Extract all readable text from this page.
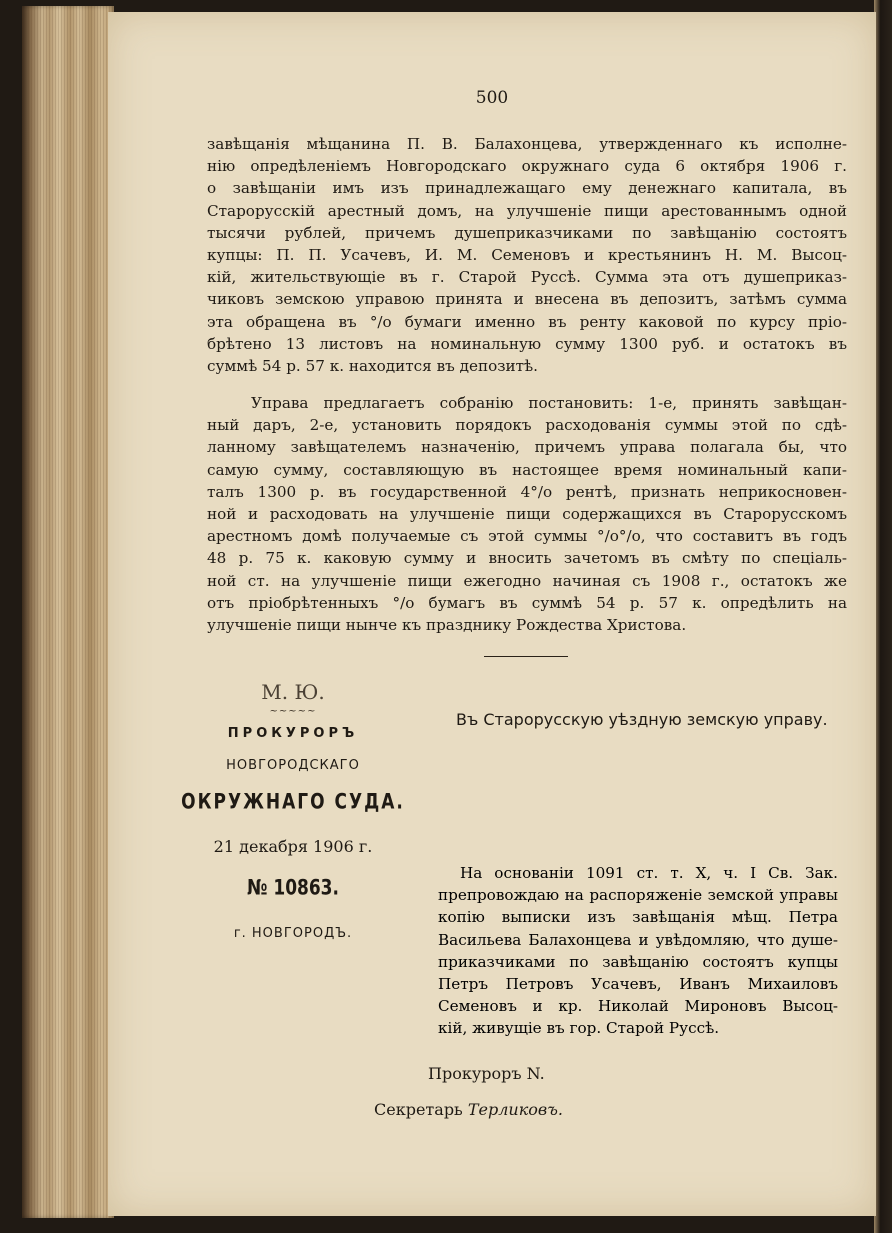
500
завѣщанія мѣщанина П. В. Балахонцева, утвержденнаго къ исполне-
нію опредѣленіемъ Новгородскаго окружнаго суда 6 октября 1906 г.
о завѣщаніи имъ изъ принадлежащаго ему денежнаго капитала, въ
Старорусскій арестный домъ, на улучшеніе пищи арестованнымъ одной
тысячи рублей, причемъ душеприказчиками по завѣщанію состоятъ
купцы: П. П. Усачевъ, И. М. Семеновъ и крестьянинъ Н. М. Высоц-
кій, жительствующіе въ г. Старой Руссѣ. Сумма эта отъ душеприказ-
чиковъ земскою управою принята и внесена въ депозитъ, затѣмъ сумма
эта обращена въ °/о бумаги именно въ ренту каковой по курсу пріо-
брѣтено 13 листовъ на номинальную сумму 1300 руб. и остатокъ въ
суммѣ 54 р. 57 к. находится въ депозитѣ.
Управа предлагаетъ собранію постановить: 1-е, принять завѣщан-
ный даръ, 2-е, установить порядокъ расходованія суммы этой по сдѣ-
ланному завѣщателемъ назначенію, причемъ управа полагала бы, что
самую сумму, составляющую въ настоящее время номинальный капи-
талъ 1300 р. въ государственной 4°/о рентѣ, признать неприкосновен-
ной и расходовать на улучшеніе пищи содержащихся въ Старорусскомъ
арестномъ домѣ получаемые съ этой суммы °/о°/о, что составитъ въ годъ
48 р. 75 к. каковую сумму и вносить зачетомъ въ смѣту по спеціаль-
ной ст. на улучшеніе пищи ежегодно начиная съ 1908 г., остатокъ же
отъ пріобрѣтенныхъ °/о бумагъ въ суммѣ 54 р. 57 к. опредѣлить на
улучшеніе пищи нынче къ празднику Рождества Христова.
М. Ю.
~~~~~
ПРОКУРОРЪ
НОВГОРОДСКАГО
ОКРУЖНАГО СУДА.
21 декабря 1906 г.
№ 10863.
г. НОВГОРОДЪ.
Въ Старорусскую уѣздную земскую управу.
На основаніи 1091 ст. т. X, ч. I Св. Зак.
препровождаю на распоряженіе земской управы
копію выписки изъ завѣщанія мѣщ. Петра
Васильева Балахонцева и увѣдомляю, что душе-
приказчиками по завѣщанію состоятъ купцы
Петръ Петровъ Усачевъ, Иванъ Михаиловъ
Семеновъ и кр. Николай Мироновъ Высоц-
кій, живущіе въ гор. Старой Руссѣ.
Прокуроръ N.
Секретарь Терликовъ.
